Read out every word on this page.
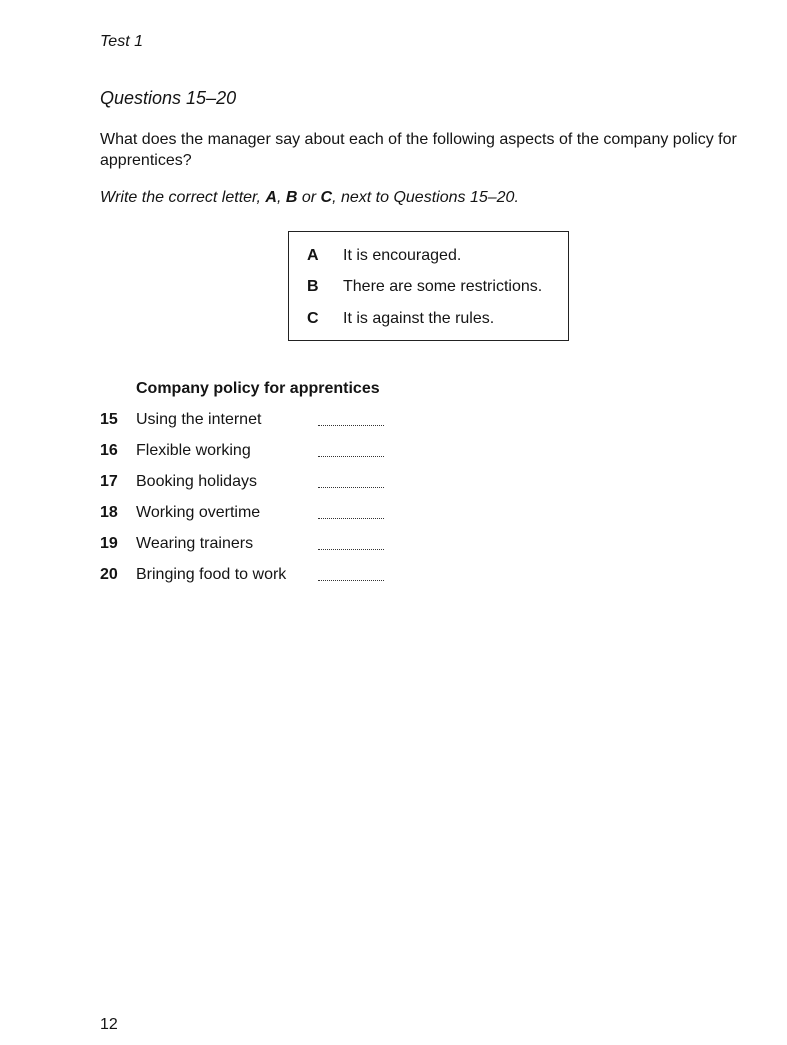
Test 1
Questions 15–20
What does the manager say about each of the following aspects of the company policy for apprentices?
Write the correct letter, A, B or C, next to Questions 15–20.
A It is encouraged.
B There are some restrictions.
C It is against the rules.
Company policy for apprentices
15 Using the internet
16 Flexible working
17 Booking holidays
18 Working overtime
19 Wearing trainers
20 Bringing food to work
12
